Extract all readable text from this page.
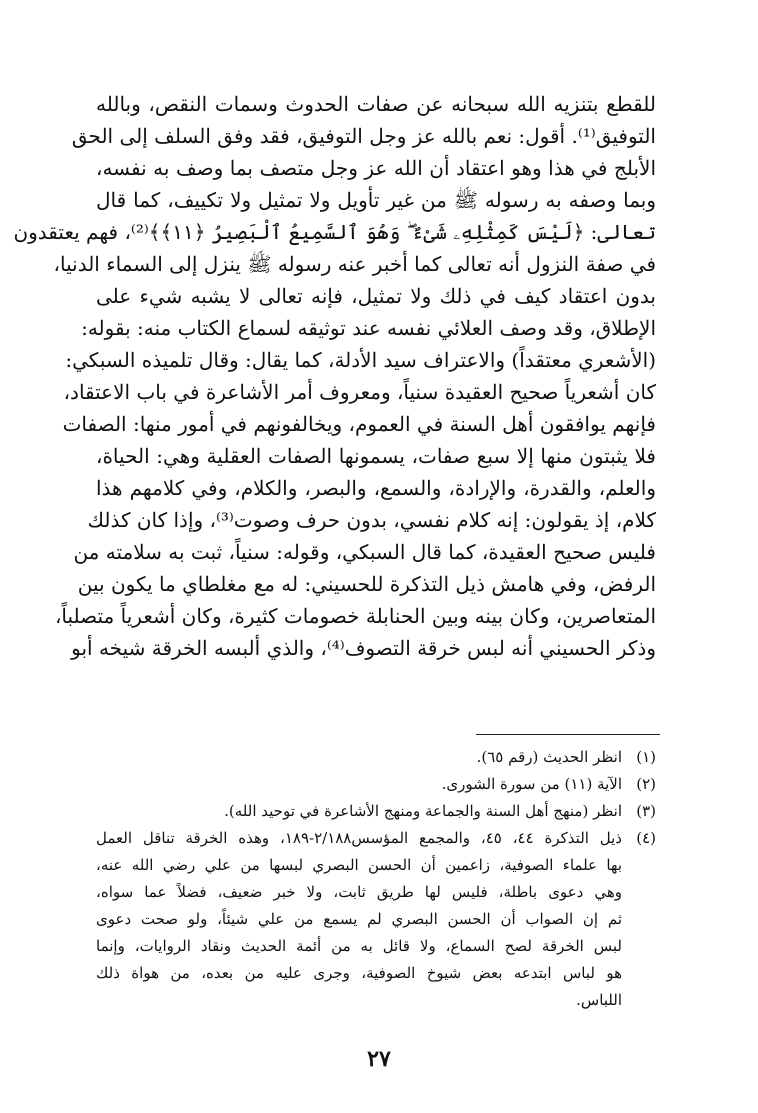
للقطع بتنزيه الله سبحانه عن صفات الحدوث وسمات النقص، وبالله
التوفيق⁽¹⁾. أقول: نعم بالله عز وجل التوفيق، فقد وفق السلف إلى الحق
الأبلج في هذا وهو اعتقاد أن الله عز وجل متصف بما وصف به نفسه،
وبما وصفه به رسوله ﷺ من غير تأويل ولا تمثيل ولا تكييف، كما قال
تعالى: ﴿لَيْسَ كَمِثْلِهِۦ شَىْءٌ ۖ وَهُوَ ٱلسَّمِيعُ ٱلْبَصِيرُ ﴿١١﴾﴾⁽²⁾، فهم يعتقدون
في صفة النزول أنه تعالى كما أخبر عنه رسوله ﷺ ينزل إلى السماء الدنيا،
بدون اعتقاد كيف في ذلك ولا تمثيل، فإنه تعالى لا يشبه شيء على
الإطلاق، وقد وصف العلائي نفسه عند توثيقه لسماع الكتاب منه: بقوله:
(الأشعري معتقداً) والاعتراف سيد الأدلة، كما يقال: وقال تلميذه السبكي:
كان أشعرياً صحيح العقيدة سنياً، ومعروف أمر الأشاعرة في باب الاعتقاد،
فإنهم يوافقون أهل السنة في العموم، ويخالفونهم في أمور منها: الصفات
فلا يثبتون منها إلا سبع صفات، يسمونها الصفات العقلية وهي: الحياة،
والعلم، والقدرة، والإرادة، والسمع، والبصر، والكلام، وفي كلامهم هذا
كلام، إذ يقولون: إنه كلام نفسي، بدون حرف وصوت⁽³⁾، وإذا كان كذلك
فليس صحيح العقيدة، كما قال السبكي، وقوله: سنياً، ثبت به سلامته من
الرفض، وفي هامش ذيل التذكرة للحسيني: له مع مغلطاي ما يكون بين
المتعاصرين، وكان بينه وبين الحنابلة خصومات كثيرة، وكان أشعرياً متصلباً،
وذكر الحسيني أنه لبس خرقة التصوف⁽⁴⁾، والذي ألبسه الخرقة شيخه أبو
(١)
انظر الحديث (رقم ٦٥).
(٢)
الآية (١١) من سورة الشورى.
(٣)
انظر (منهج أهل السنة والجماعة ومنهج الأشاعرة في توحيد الله).
(٤)
ذيل التذكرة ٤٤، ٤٥، والمجمع المؤسس٢/١٨٨-١٨٩، وهذه الخرقة تناقل العمل
بها علماء الصوفية، زاعمين أن الحسن البصري لبسها من علي رضي الله عنه،
وهي دعوى باطلة، فليس لها طريق ثابت، ولا خبر ضعيف، فضلاً عما سواه،
ثم إن الصواب أن الحسن البصري لم يسمع من علي شيئاً، ولو صحت دعوى
لبس الخرقة لصح السماع، ولا قائل به من أئمة الحديث ونقاد الروايات، وإنما
هو لباس ابتدعه بعض شيوخ الصوفية، وجرى عليه من بعده، من هواة ذلك
اللباس.
٢٧
